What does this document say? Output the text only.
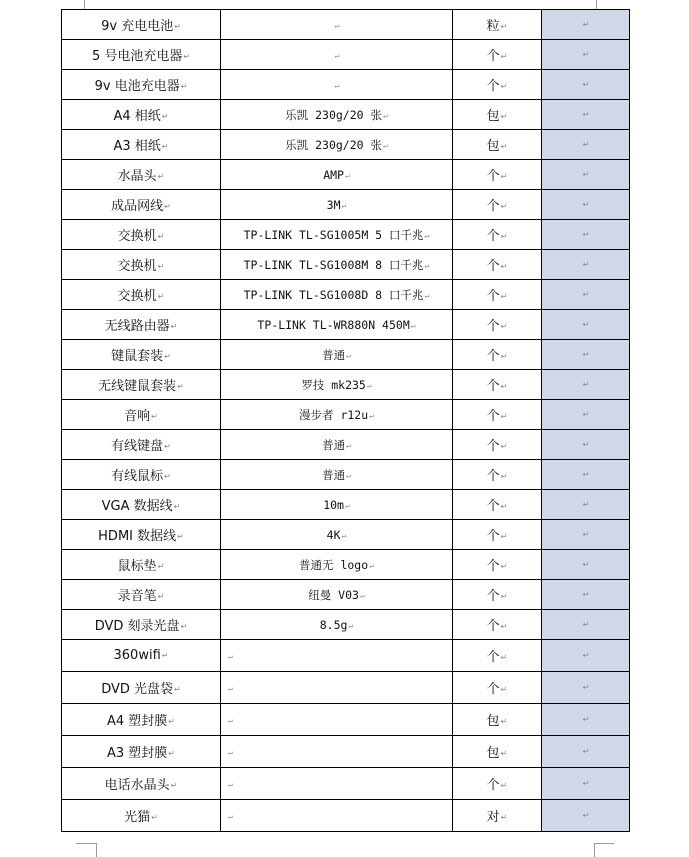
9v 充电电池↵	↵	粒↵	↵
5 号电池充电器↵	↵	个↵	↵
9v 电池充电器↵	↵	个↵	↵
A4 相纸↵	乐凯 230g/20 张↵	包↵	↵
A3 相纸↵	乐凯 230g/20 张↵	包↵	↵
水晶头↵	AMP↵	个↵	↵
成品网线↵	3M↵	个↵	↵
交换机↵	TP-LINK TL-SG1005M 5 口千兆↵	个↵	↵
交换机↵	TP-LINK TL-SG1008M 8 口千兆↵	个↵	↵
交换机↵	TP-LINK TL-SG1008D 8 口千兆↵	个↵	↵
无线路由器↵	TP-LINK TL-WR880N 450M↵	个↵	↵
键鼠套装↵	普通↵	个↵	↵
无线键鼠套装↵	罗技 mk235↵	个↵	↵
音响↵	漫步者 r12u↵	个↵	↵
有线键盘↵	普通↵	个↵	↵
有线鼠标↵	普通↵	个↵	↵
VGA 数据线↵	10m↵	个↵	↵
HDMI 数据线↵	4K↵	个↵	↵
鼠标垫↵	普通无 logo↵	个↵	↵
录音笔↵	纽曼 V03↵	个↵	↵
DVD 刻录光盘↵	8.5g↵	个↵	↵
360wifi↵	↵	个↵	↵
DVD 光盘袋↵	↵	个↵	↵
A4 塑封膜↵	↵	包↵	↵
A3 塑封膜↵	↵	包↵	↵
电话水晶头↵	↵	个↵	↵
光猫↵	↵	对↵	↵
